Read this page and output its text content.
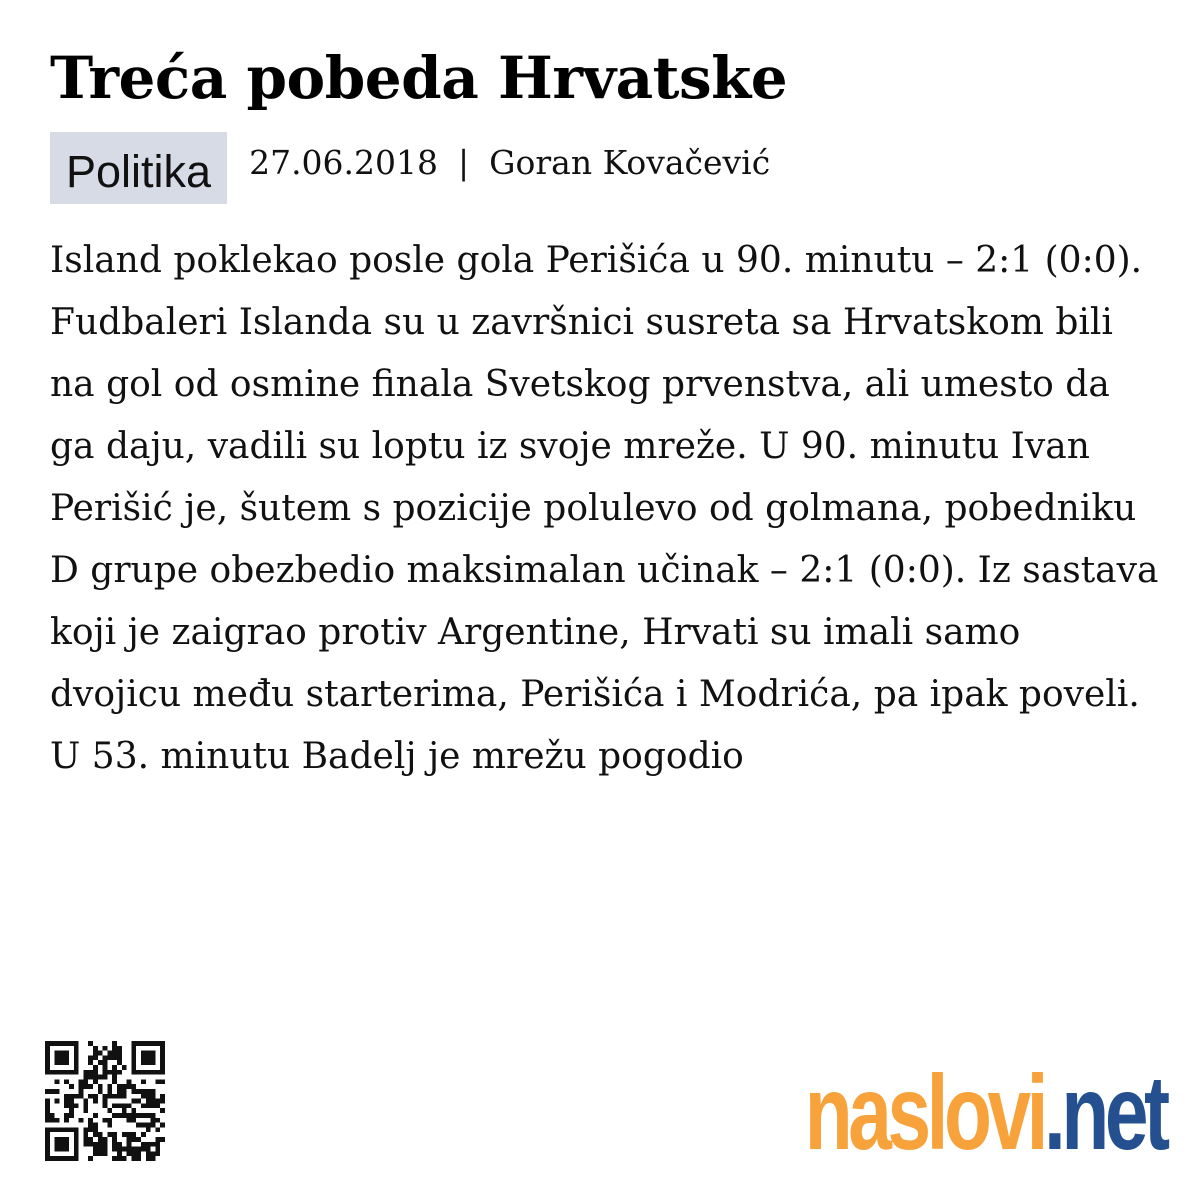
Treća pobeda Hrvatske
Politika	27.06.2018 | Goran Kovačević

Island poklekao posle gola Perišića u 90. minutu – 2:1 (0:0). Fudbaleri Islanda su u završnici susreta sa Hrvatskom bili na gol od osmine finala Svetskog prvenstva, ali umesto da ga daju, vadili su loptu iz svoje mreže. U 90. minutu Ivan Perišić je, šutem s pozicije polulevo od golmana, pobedniku D grupe obezbedio maksimalan učinak – 2:1 (0:0). Iz sastava koji je zaigrao protiv Argentine, Hrvati su imali samo dvojicu među starterima, Perišića i Modrića, pa ipak poveli. U 53. minutu Badelj je mrežu pogodio

naslovi.net
